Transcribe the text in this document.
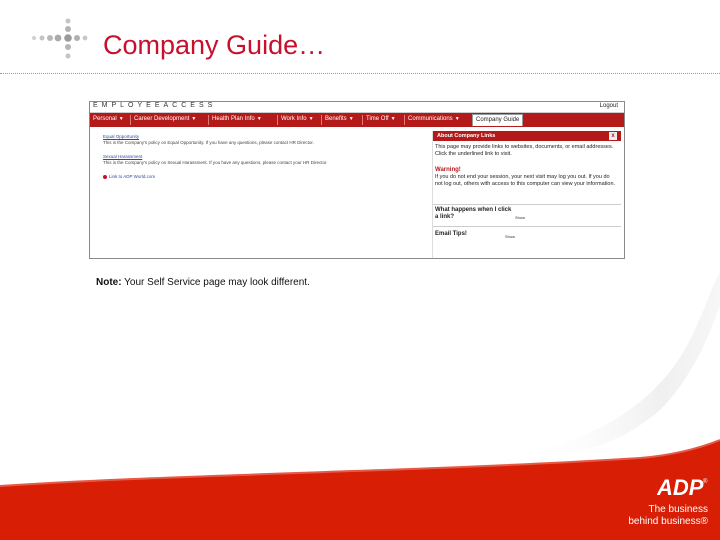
Company Guide…
EMPLOYEEACCESS	Logout
Personal ▼ Career Development ▼	Health Plan Info ▼	Work Info ▼ Benefits ▼ Time Off ▼ Communications ▼	Company Guide
Equal Opportunity
This is the Company's policy on Equal Opportunity. If you have any questions, please contact HR Director.
Sexual Harassment
This is the Company's policy on Sexual Harassment. If you have any questions, please contact your HR Director.
Link to ADP World.com
About Company Links	x
This page may provide links to websites, documents, or email addresses. Click the underlined link to visit.
Warning!
If you do not end your session, your next visit may log you out. If you do not log out, others with access to this computer can view your information.
What happens when I click a link?	Show
Email Tips!	Show
Note: Your Self Service page may look different.
ADP ®
The business
behind business®
